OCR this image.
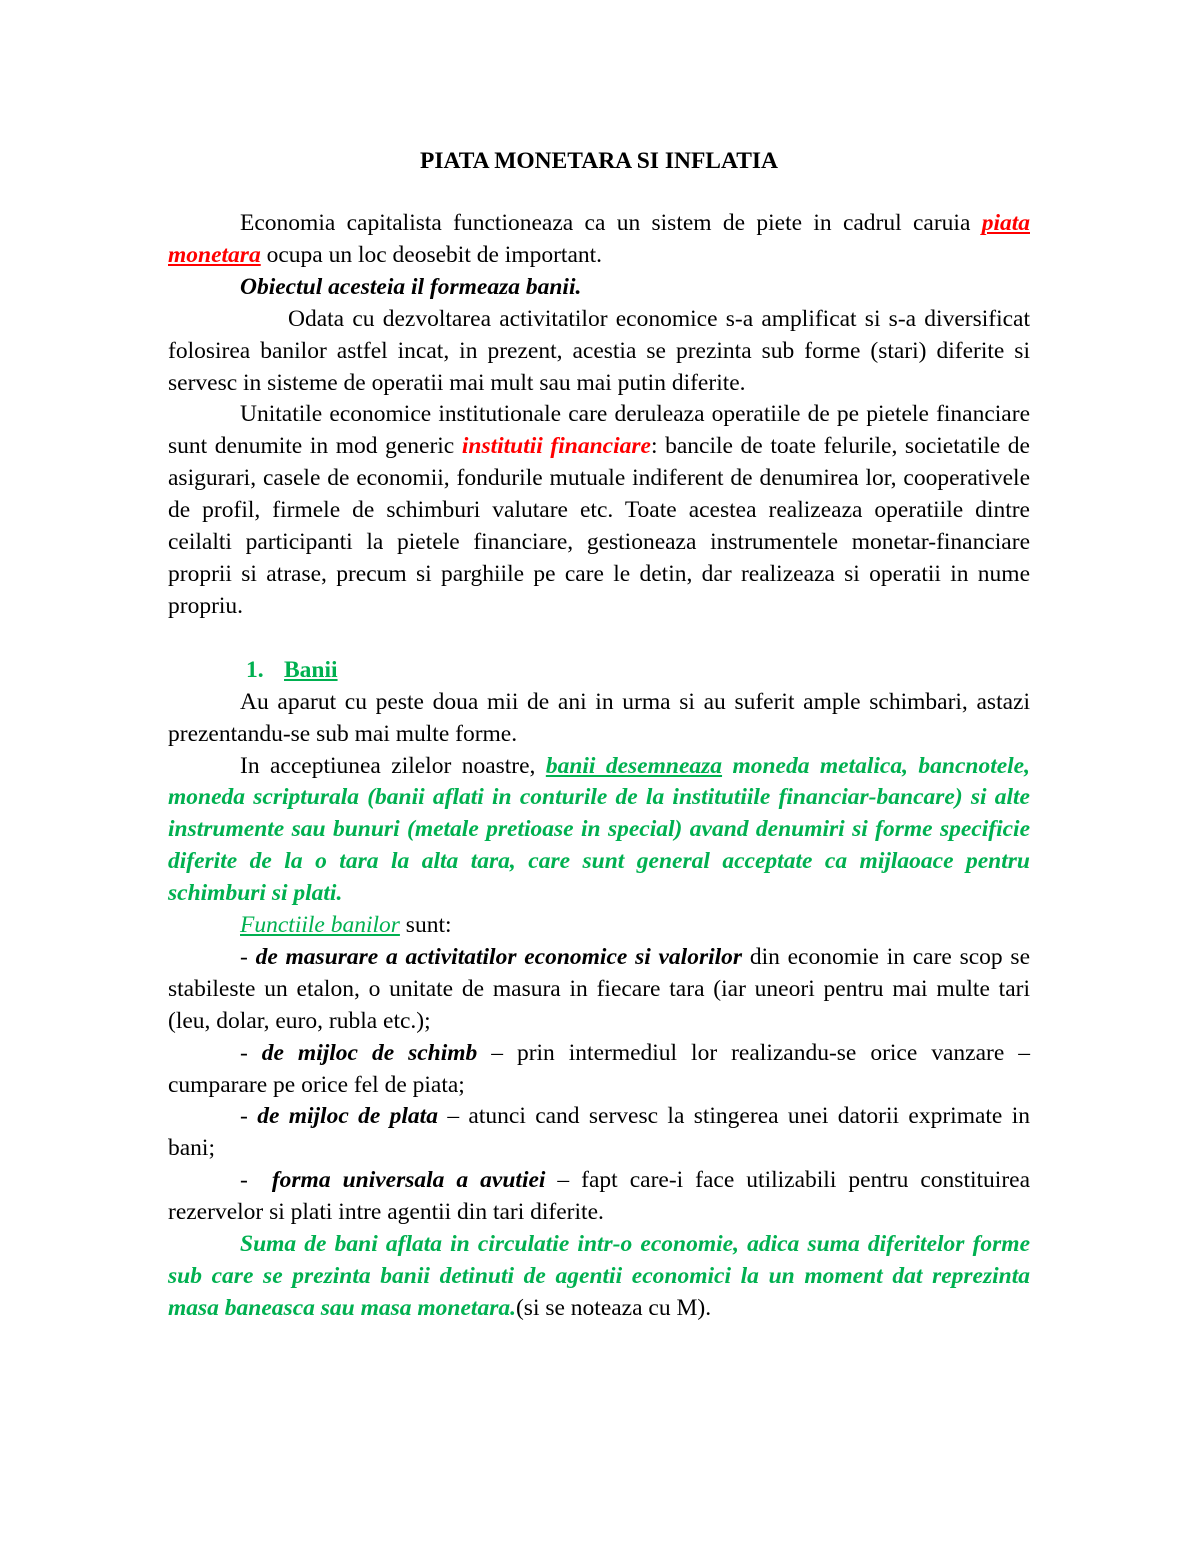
PIATA MONETARA SI INFLATIA

Economia capitalista functioneaza ca un sistem de piete in cadrul caruia piata monetara ocupa un loc deosebit de important.

Obiectul acesteia il formeaza banii.

Odata cu dezvoltarea activitatilor economice s-a amplificat si s-a diversificat folosirea banilor astfel incat, in prezent, acestia se prezinta sub forme (stari) diferite si servesc in sisteme de operatii mai mult sau mai putin diferite.

Unitatile economice institutionale care deruleaza operatiile de pe pietele financiare sunt denumite in mod generic institutii financiare: bancile de toate felurile, societatile de asigurari, casele de economii, fondurile mutuale indiferent de denumirea lor, cooperativele de profil, firmele de schimburi valutare etc. Toate acestea realizeaza operatiile dintre ceilalti participanti la pietele financiare, gestioneaza instrumentele monetar-financiare proprii si atrase, precum si parghiile pe care le detin, dar realizeaza si operatii in nume propriu.

1. Banii

Au aparut cu peste doua mii de ani in urma si au suferit ample schimbari, astazi prezentandu-se sub mai multe forme.

In acceptiunea zilelor noastre, banii desemneaza moneda metalica, bancnotele, moneda scripturala (banii aflati in conturile de la institutiile financiar-bancare) si alte instrumente sau bunuri (metale pretioase in special) avand denumiri si forme specificie diferite de la o tara la alta tara, care sunt general acceptate ca mijlaoace pentru schimburi si plati.

Functiile banilor sunt:

- de masurare a activitatilor economice si valorilor din economie in care scop se stabileste un etalon, o unitate de masura in fiecare tara (iar uneori pentru mai multe tari (leu, dolar, euro, rubla etc.);

- de mijloc de schimb – prin intermediul lor realizandu-se orice vanzare – cumparare pe orice fel de piata;

- de mijloc de plata – atunci cand servesc la stingerea unei datorii exprimate in bani;

-  forma universala a avutiei – fapt care-i face utilizabili pentru constituirea rezervelor si plati intre agentii din tari diferite.

Suma de bani aflata in circulatie intr-o economie, adica suma diferitelor forme sub care se prezinta banii detinuti de agentii economici la un moment dat reprezinta masa baneasca sau masa monetara.(si se noteaza cu M).
